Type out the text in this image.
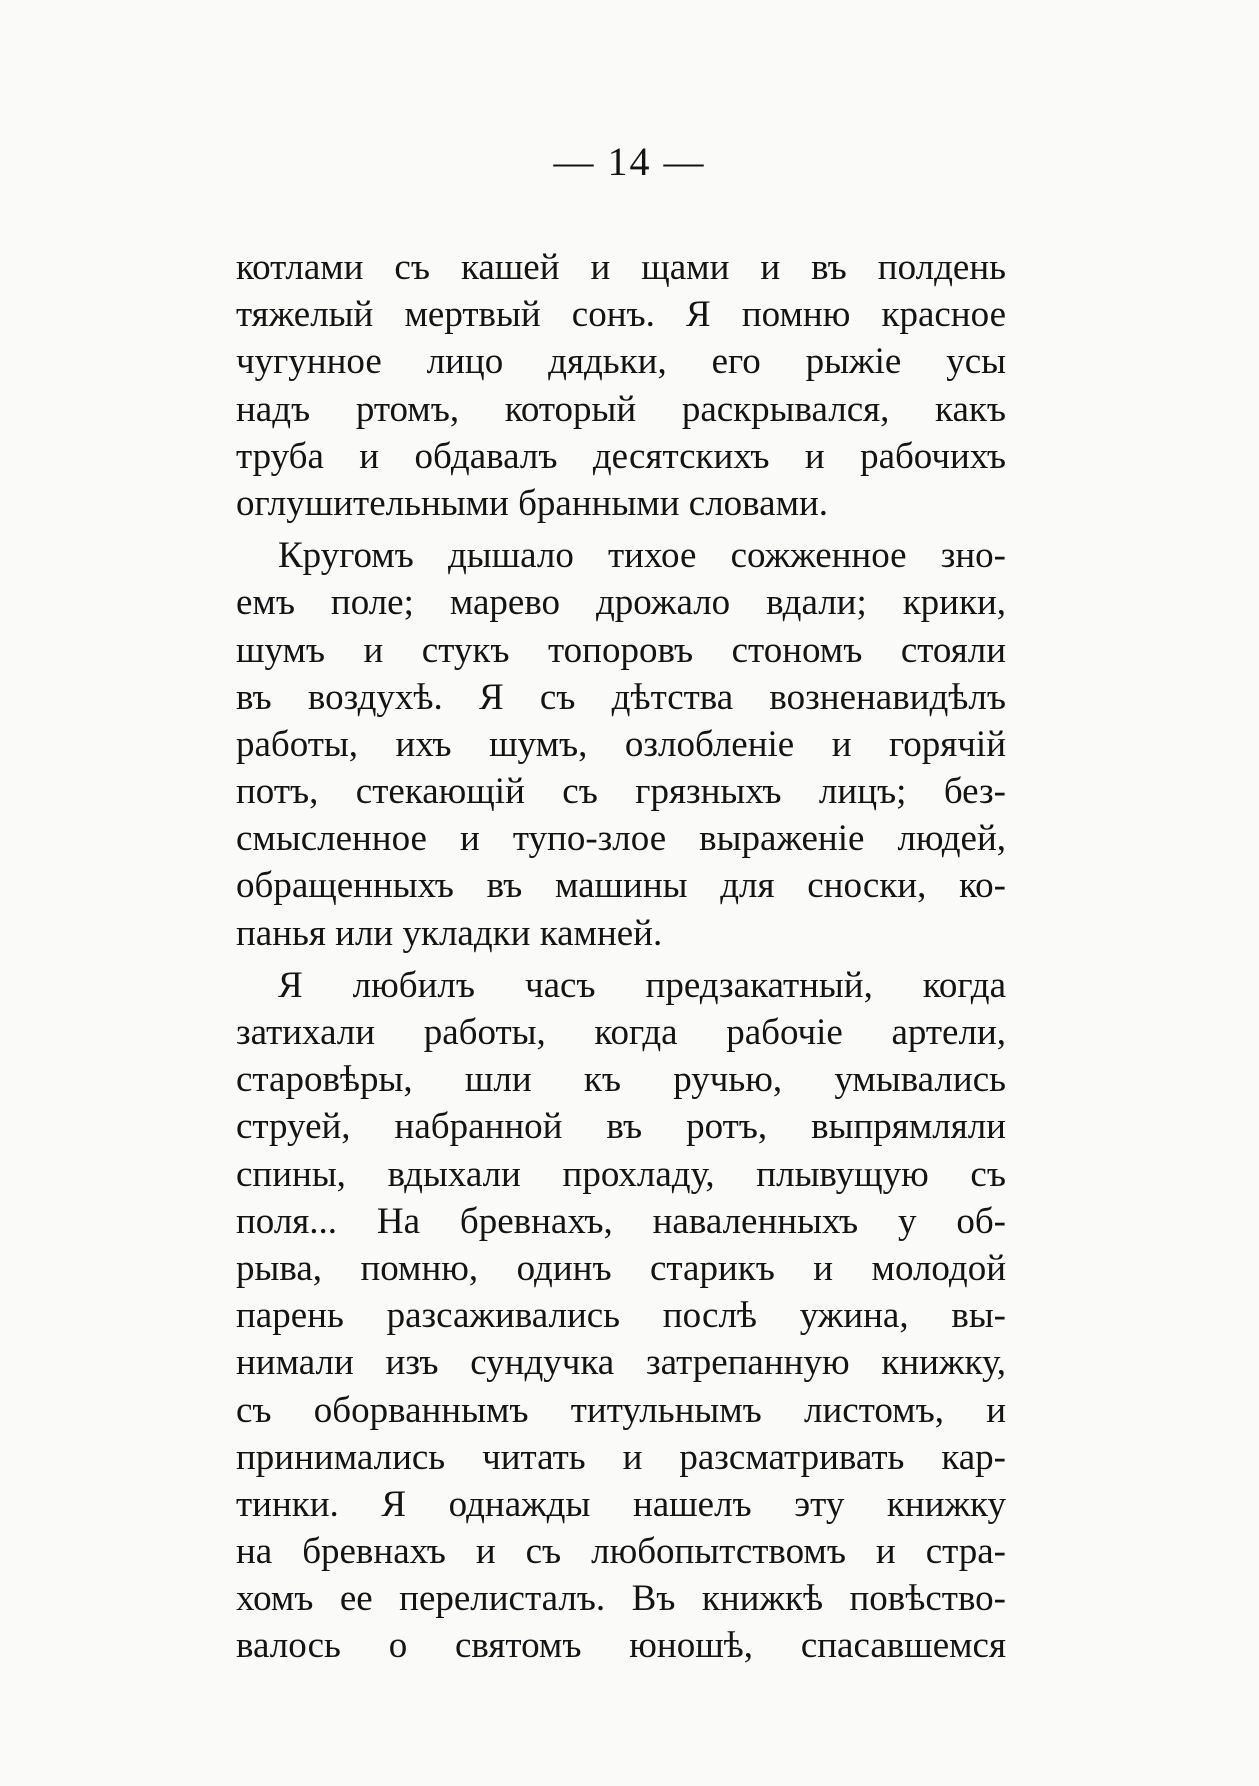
— 14 —
котлами съ кашей и щами и въ полдень
тяжелый мертвый сонъ. Я помню красное
чугунное лицо дядьки, его рыжіе усы
надъ ртомъ, который раскрывался, какъ
труба и обдавалъ десятскихъ и рабочихъ
оглушительными бранными словами.
Кругомъ дышало тихое сожженное зно-
емъ поле; марево дрожало вдали; крики,
шумъ и стукъ топоровъ стономъ стояли
въ воздухѣ. Я съ дѣтства возненавидѣлъ
работы, ихъ шумъ, озлобленіе и горячій
потъ, стекающій съ грязныхъ лицъ; без-
смысленное и тупо-злое выраженіе людей,
обращенныхъ въ машины для сноски, ко-
панья или укладки камней.
Я любилъ часъ предзакатный, когда
затихали работы, когда рабочіе артели,
старовѣры, шли къ ручью, умывались
струей, набранной въ ротъ, выпрямляли
спины, вдыхали прохладу, плывущую съ
поля... На бревнахъ, наваленныхъ у об-
рыва, помню, одинъ старикъ и молодой
парень разсаживались послѣ ужина, вы-
нимали изъ сундучка затрепанную книжку,
съ оборваннымъ титульнымъ листомъ, и
принимались читать и разсматривать кар-
тинки. Я однажды нашелъ эту книжку
на бревнахъ и съ любопытствомъ и стра-
хомъ ее перелисталъ. Въ книжкѣ повѣство-
валось о святомъ юношѣ, спасавшемся
